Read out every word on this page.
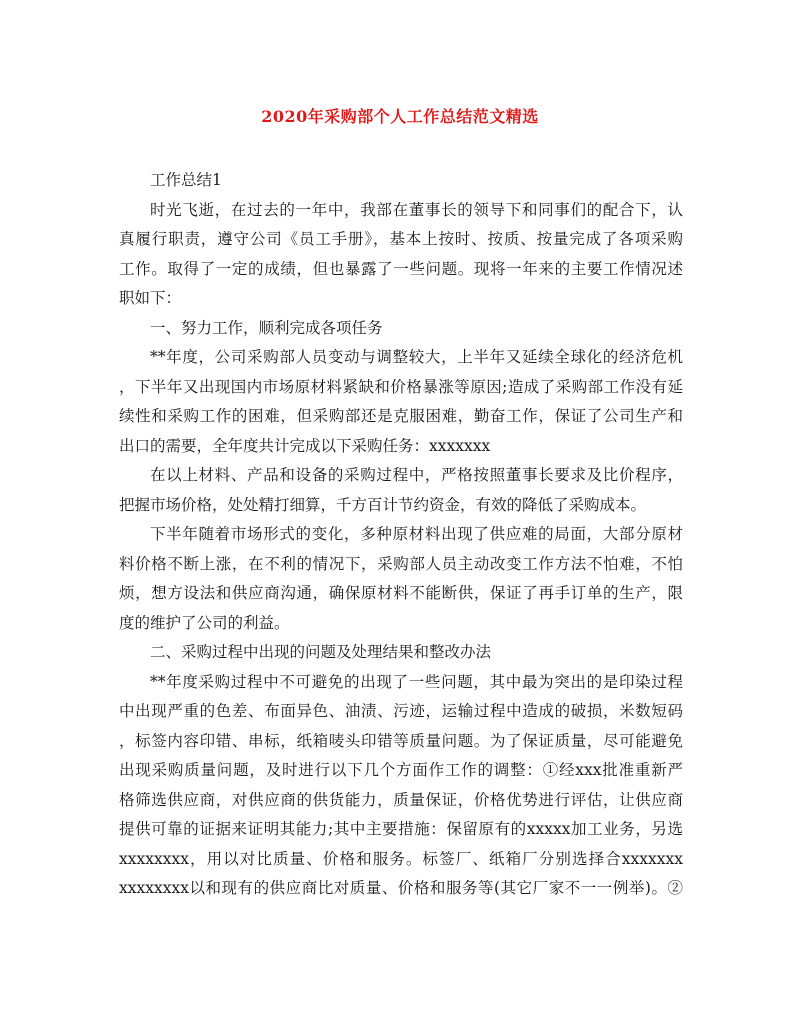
2020年采购部个人工作总结范文精选
工作总结1
时光飞逝，在过去的一年中，我部在董事长的领导下和同事们的配合下，认
真履行职责，遵守公司《员工手册》，基本上按时、按质、按量完成了各项采购
工作。取得了一定的成绩，但也暴露了一些问题。现将一年来的主要工作情况述
职如下：
一、努力工作，顺利完成各项任务
**年度，公司采购部人员变动与调整较大，上半年又延续全球化的经济危机
，下半年又出现国内市场原材料紧缺和价格暴涨等原因;造成了采购部工作没有延
续性和采购工作的困难，但采购部还是克服困难，勤奋工作，保证了公司生产和
出口的需要，全年度共计完成以下采购任务：xxxxxxx
在以上材料、产品和设备的采购过程中，严格按照董事长要求及比价程序，
把握市场价格，处处精打细算，千方百计节约资金，有效的降低了采购成本。
下半年随着市场形式的变化，多种原材料出现了供应难的局面，大部分原材
料价格不断上涨，在不利的情况下，采购部人员主动改变工作方法不怕难，不怕
烦，想方设法和供应商沟通，确保原材料不能断供，保证了再手订单的生产，限
度的维护了公司的利益。
二、采购过程中出现的问题及处理结果和整改办法
**年度采购过程中不可避免的出现了一些问题，其中最为突出的是印染过程
中出现严重的色差、布面异色、油渍、污迹，运输过程中造成的破损，米数短码
，标签内容印错、串标，纸箱唛头印错等质量问题。为了保证质量，尽可能避免
出现采购质量问题，及时进行以下几个方面作工作的调整：①经xxx批准重新严
格筛选供应商，对供应商的供货能力，质量保证，价格优势进行评估，让供应商
提供可靠的证据来证明其能力;其中主要措施：保留原有的xxxxx加工业务，另选
xxxxxxxx，用以对比质量、价格和服务。标签厂、纸箱厂分别选择合xxxxxxx
xxxxxxxx以和现有的供应商比对质量、价格和服务等(其它厂家不一一例举)。②
